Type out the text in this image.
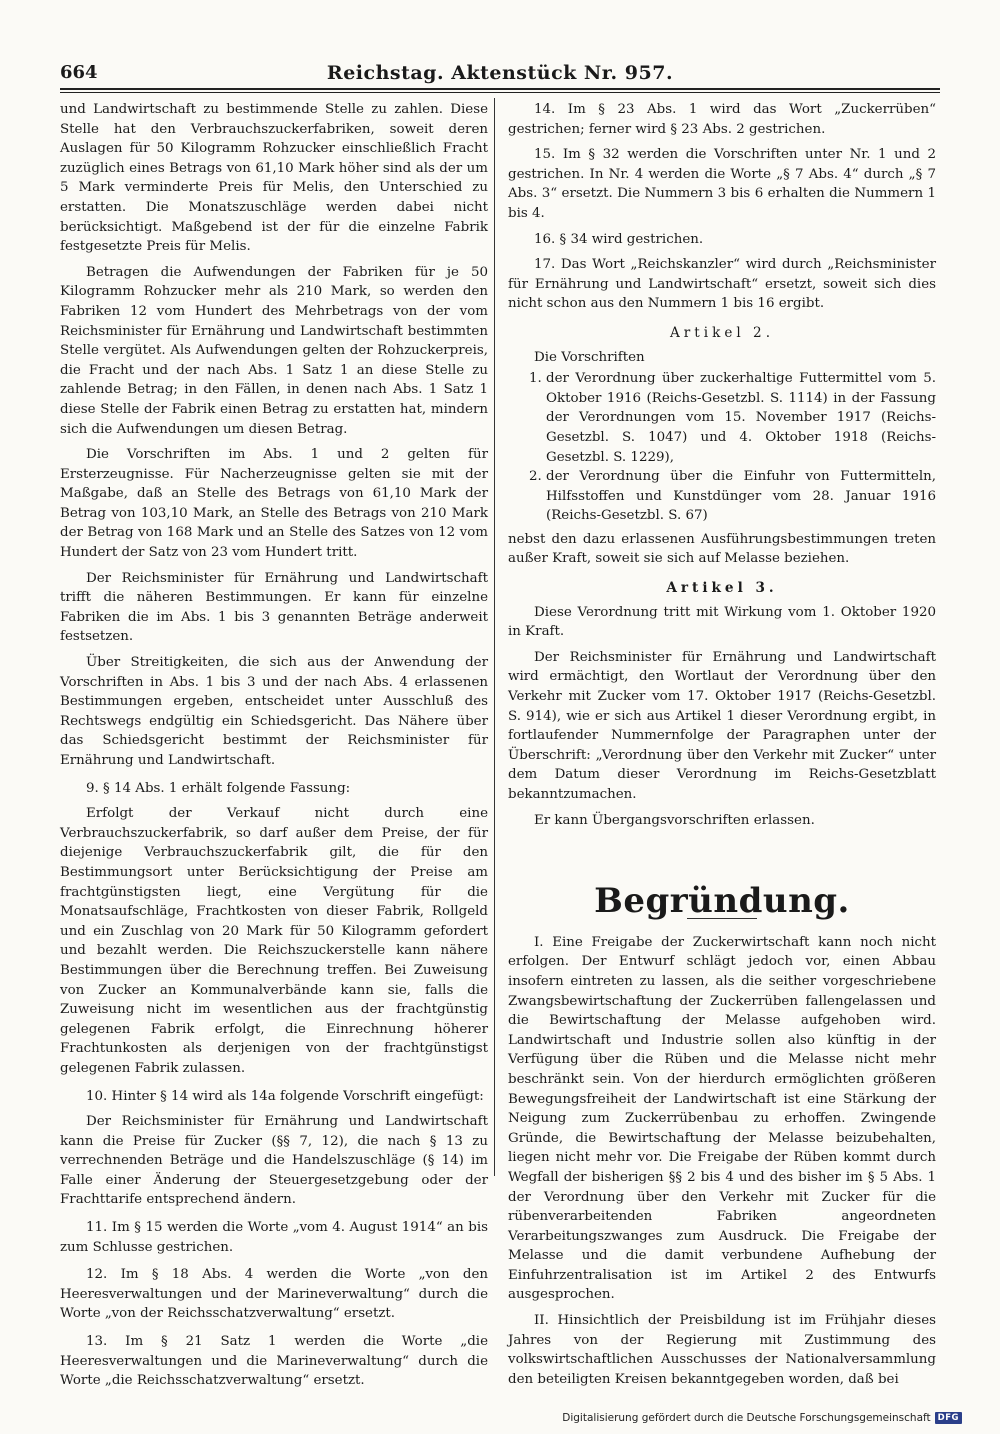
664	Reichstag. Aktenstück Nr. 957.

und Landwirtschaft zu bestimmende Stelle zu zahlen. Diese Stelle hat den Verbrauchszuckerfabriken, soweit deren Auslagen für 50 Kilogramm Rohzucker einschließlich Fracht zuzüglich eines Betrags von 61,10 Mark höher sind als der um 5 Mark verminderte Preis für Melis, den Unterschied zu erstatten. Die Monatszuschläge werden dabei nicht berücksichtigt. Maßgebend ist der für die einzelne Fabrik festgesetzte Preis für Melis.

Betragen die Aufwendungen der Fabriken für je 50 Kilogramm Rohzucker mehr als 210 Mark, so werden den Fabriken 12 vom Hundert des Mehrbetrags von der vom Reichsminister für Ernährung und Landwirtschaft bestimmten Stelle vergütet. Als Aufwendungen gelten der Rohzuckerpreis, die Fracht und der nach Abs. 1 Satz 1 an diese Stelle zu zahlende Betrag; in den Fällen, in denen nach Abs. 1 Satz 1 diese Stelle der Fabrik einen Betrag zu erstatten hat, mindern sich die Aufwendungen um diesen Betrag.

Die Vorschriften im Abs. 1 und 2 gelten für Ersterzeugnisse. Für Nacherzeugnisse gelten sie mit der Maßgabe, daß an Stelle des Betrags von 61,10 Mark der Betrag von 103,10 Mark, an Stelle des Betrags von 210 Mark der Betrag von 168 Mark und an Stelle des Satzes von 12 vom Hundert der Satz von 23 vom Hundert tritt.

Der Reichsminister für Ernährung und Landwirtschaft trifft die näheren Bestimmungen. Er kann für einzelne Fabriken die im Abs. 1 bis 3 genannten Beträge anderweit festsetzen.

Über Streitigkeiten, die sich aus der Anwendung der Vorschriften in Abs. 1 bis 3 und der nach Abs. 4 erlassenen Bestimmungen ergeben, entscheidet unter Ausschluß des Rechtswegs endgültig ein Schiedsgericht. Das Nähere über das Schiedsgericht bestimmt der Reichsminister für Ernährung und Landwirtschaft.

9. § 14 Abs. 1 erhält folgende Fassung:

Erfolgt der Verkauf nicht durch eine Verbrauchszuckerfabrik, so darf außer dem Preise, der für diejenige Verbrauchszuckerfabrik gilt, die für den Bestimmungsort unter Berücksichtigung der Preise am frachtgünstigsten liegt, eine Vergütung für die Monatsaufschläge, Frachtkosten von dieser Fabrik, Rollgeld und ein Zuschlag von 20 Mark für 50 Kilogramm gefordert und bezahlt werden. Die Reichszuckerstelle kann nähere Bestimmungen über die Berechnung treffen. Bei Zuweisung von Zucker an Kommunalverbände kann sie, falls die Zuweisung nicht im wesentlichen aus der frachtgünstig gelegenen Fabrik erfolgt, die Einrechnung höherer Frachtunkosten als derjenigen von der frachtgünstigst gelegenen Fabrik zulassen.

10. Hinter § 14 wird als 14a folgende Vorschrift eingefügt:

Der Reichsminister für Ernährung und Landwirtschaft kann die Preise für Zucker (§§ 7, 12), die nach § 13 zu verrechnenden Beträge und die Handelszuschläge (§ 14) im Falle einer Änderung der Steuergesetzgebung oder der Frachttarife entsprechend ändern.

11. Im § 15 werden die Worte „vom 4. August 1914“ an bis zum Schlusse gestrichen.

12. Im § 18 Abs. 4 werden die Worte „von den Heeresverwaltungen und der Marineverwaltung“ durch die Worte „von der Reichsschatzverwaltung“ ersetzt.

13. Im § 21 Satz 1 werden die Worte „die Heeresverwaltungen und die Marineverwaltung“ durch die Worte „die Reichsschatzverwaltung“ ersetzt.

14. Im § 23 Abs. 1 wird das Wort „Zuckerrüben“ gestrichen; ferner wird § 23 Abs. 2 gestrichen.

15. Im § 32 werden die Vorschriften unter Nr. 1 und 2 gestrichen. In Nr. 4 werden die Worte „§ 7 Abs. 4“ durch „§ 7 Abs. 3“ ersetzt. Die Nummern 3 bis 6 erhalten die Nummern 1 bis 4.

16. § 34 wird gestrichen.

17. Das Wort „Reichskanzler“ wird durch „Reichsminister für Ernährung und Landwirtschaft“ ersetzt, soweit sich dies nicht schon aus den Nummern 1 bis 16 ergibt.

Artikel 2.

Die Vorschriften

1. der Verordnung über zuckerhaltige Futtermittel vom 5. Oktober 1916 (Reichs-Gesetzbl. S. 1114) in der Fassung der Verordnungen vom 15. November 1917 (Reichs-Gesetzbl. S. 1047) und 4. Oktober 1918 (Reichs-Gesetzbl. S. 1229),
2. der Verordnung über die Einfuhr von Futtermitteln, Hilfsstoffen und Kunstdünger vom 28. Januar 1916 (Reichs-Gesetzbl. S. 67)

nebst den dazu erlassenen Ausführungsbestimmungen treten außer Kraft, soweit sie sich auf Melasse beziehen.

Artikel 3.

Diese Verordnung tritt mit Wirkung vom 1. Oktober 1920 in Kraft.

Der Reichsminister für Ernährung und Landwirtschaft wird ermächtigt, den Wortlaut der Verordnung über den Verkehr mit Zucker vom 17. Oktober 1917 (Reichs-Gesetzbl. S. 914), wie er sich aus Artikel 1 dieser Verordnung ergibt, in fortlaufender Nummernfolge der Paragraphen unter der Überschrift: „Verordnung über den Verkehr mit Zucker“ unter dem Datum dieser Verordnung im Reichs-Gesetzblatt bekanntzumachen.

Er kann Übergangsvorschriften erlassen.

Begründung.

I. Eine Freigabe der Zuckerwirtschaft kann noch nicht erfolgen. Der Entwurf schlägt jedoch vor, einen Abbau insofern eintreten zu lassen, als die seither vorgeschriebene Zwangsbewirtschaftung der Zuckerrüben fallengelassen und die Bewirtschaftung der Melasse aufgehoben wird. Landwirtschaft und Industrie sollen also künftig in der Verfügung über die Rüben und die Melasse nicht mehr beschränkt sein. Von der hierdurch ermöglichten größeren Bewegungsfreiheit der Landwirtschaft ist eine Stärkung der Neigung zum Zuckerrübenbau zu erhoffen. Zwingende Gründe, die Bewirtschaftung der Melasse beizubehalten, liegen nicht mehr vor. Die Freigabe der Rüben kommt durch Wegfall der bisherigen §§ 2 bis 4 und des bisher im § 5 Abs. 1 der Verordnung über den Verkehr mit Zucker für die rübenverarbeitenden Fabriken angeordneten Verarbeitungszwanges zum Ausdruck. Die Freigabe der Melasse und die damit verbundene Aufhebung der Einfuhrzentralisation ist im Artikel 2 des Entwurfs ausgesprochen.

II. Hinsichtlich der Preisbildung ist im Frühjahr dieses Jahres von der Regierung mit Zustimmung des volkswirtschaftlichen Ausschusses der Nationalversammlung den beteiligten Kreisen bekanntgegeben worden, daß bei

Digitalisierung gefördert durch die Deutsche Forschungsgemeinschaft DFG
